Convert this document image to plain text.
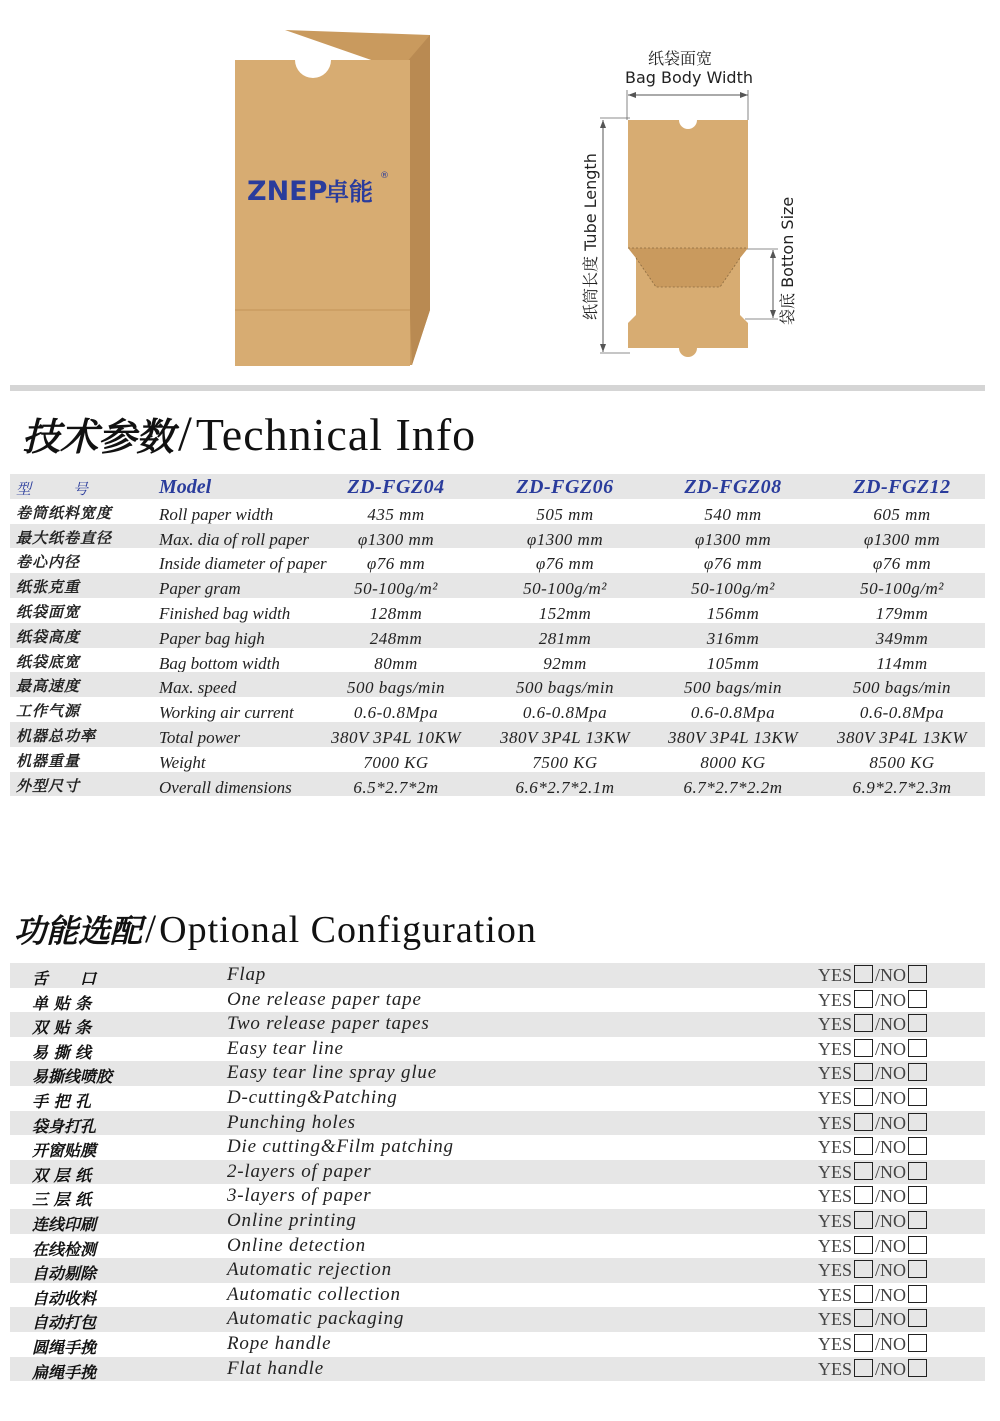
ZNEP
卓能
®
纸袋面宽
Bag Body Width
纸筒长度 Tube Length	袋底 Botton Size
技术参数/Technical Info
型号 Model	ZD-FGZ04	ZD-FGZ06	ZD-FGZ08	ZD-FGZ12
卷筒纸料宽度	Roll paper width	435 mm	505 mm	540 mm	605 mm
最大纸卷直径	Max. dia of roll paper	φ1300 mm	φ1300 mm	φ1300 mm	φ1300 mm
卷心内径	Inside diameter of paper	φ76 mm	φ76 mm	φ76 mm	φ76 mm
纸张克重	Paper gram	50-100g/m²	50-100g/m²	50-100g/m²	50-100g/m²
纸袋面宽	Finished bag width	128mm	152mm	156mm	179mm
纸袋高度	Paper bag high	248mm	281mm	316mm	349mm
纸袋底宽	Bag bottom width	80mm	92mm	105mm	114mm
最高速度	Max. speed	500 bags/min	500 bags/min	500 bags/min	500 bags/min
工作气源	Working air current	0.6-0.8Mpa	0.6-0.8Mpa	0.6-0.8Mpa	0.6-0.8Mpa
机器总功率	Total power	380V 3P4L 10KW	380V 3P4L 13KW	380V 3P4L 13KW	380V 3P4L 13KW
机器重量	Weight	7000 KG	7500 KG	8000 KG	8500 KG
外型尺寸	Overall dimensions	6.5*2.7*2m	6.6*2.7*2.1m	6.7*2.7*2.2m	6.9*2.7*2.3m
功能选配/Optional Configuration
舌　　口	Flap	YES /NO
单 贴 条	One release paper tape	YES /NO
双 贴 条	Two release paper tapes	YES /NO
易 撕 线	Easy tear line	YES /NO
易撕线喷胶	Easy tear line spray glue	YES /NO
手 把 孔	D-cutting&Patching	YES /NO
袋身打孔	Punching holes	YES /NO
开窗贴膜	Die cutting&Film patching	YES /NO
双 层 纸	2-layers of paper	YES /NO
三 层 纸	3-layers of paper	YES /NO
连线印刷	Online printing	YES /NO
在线检测	Online detection	YES /NO
自动剔除	Automatic rejection	YES /NO
自动收料	Automatic collection	YES /NO
自动打包	Automatic packaging	YES /NO
圆绳手挽	Rope handle	YES /NO
扁绳手挽	Flat handle	YES /NO
